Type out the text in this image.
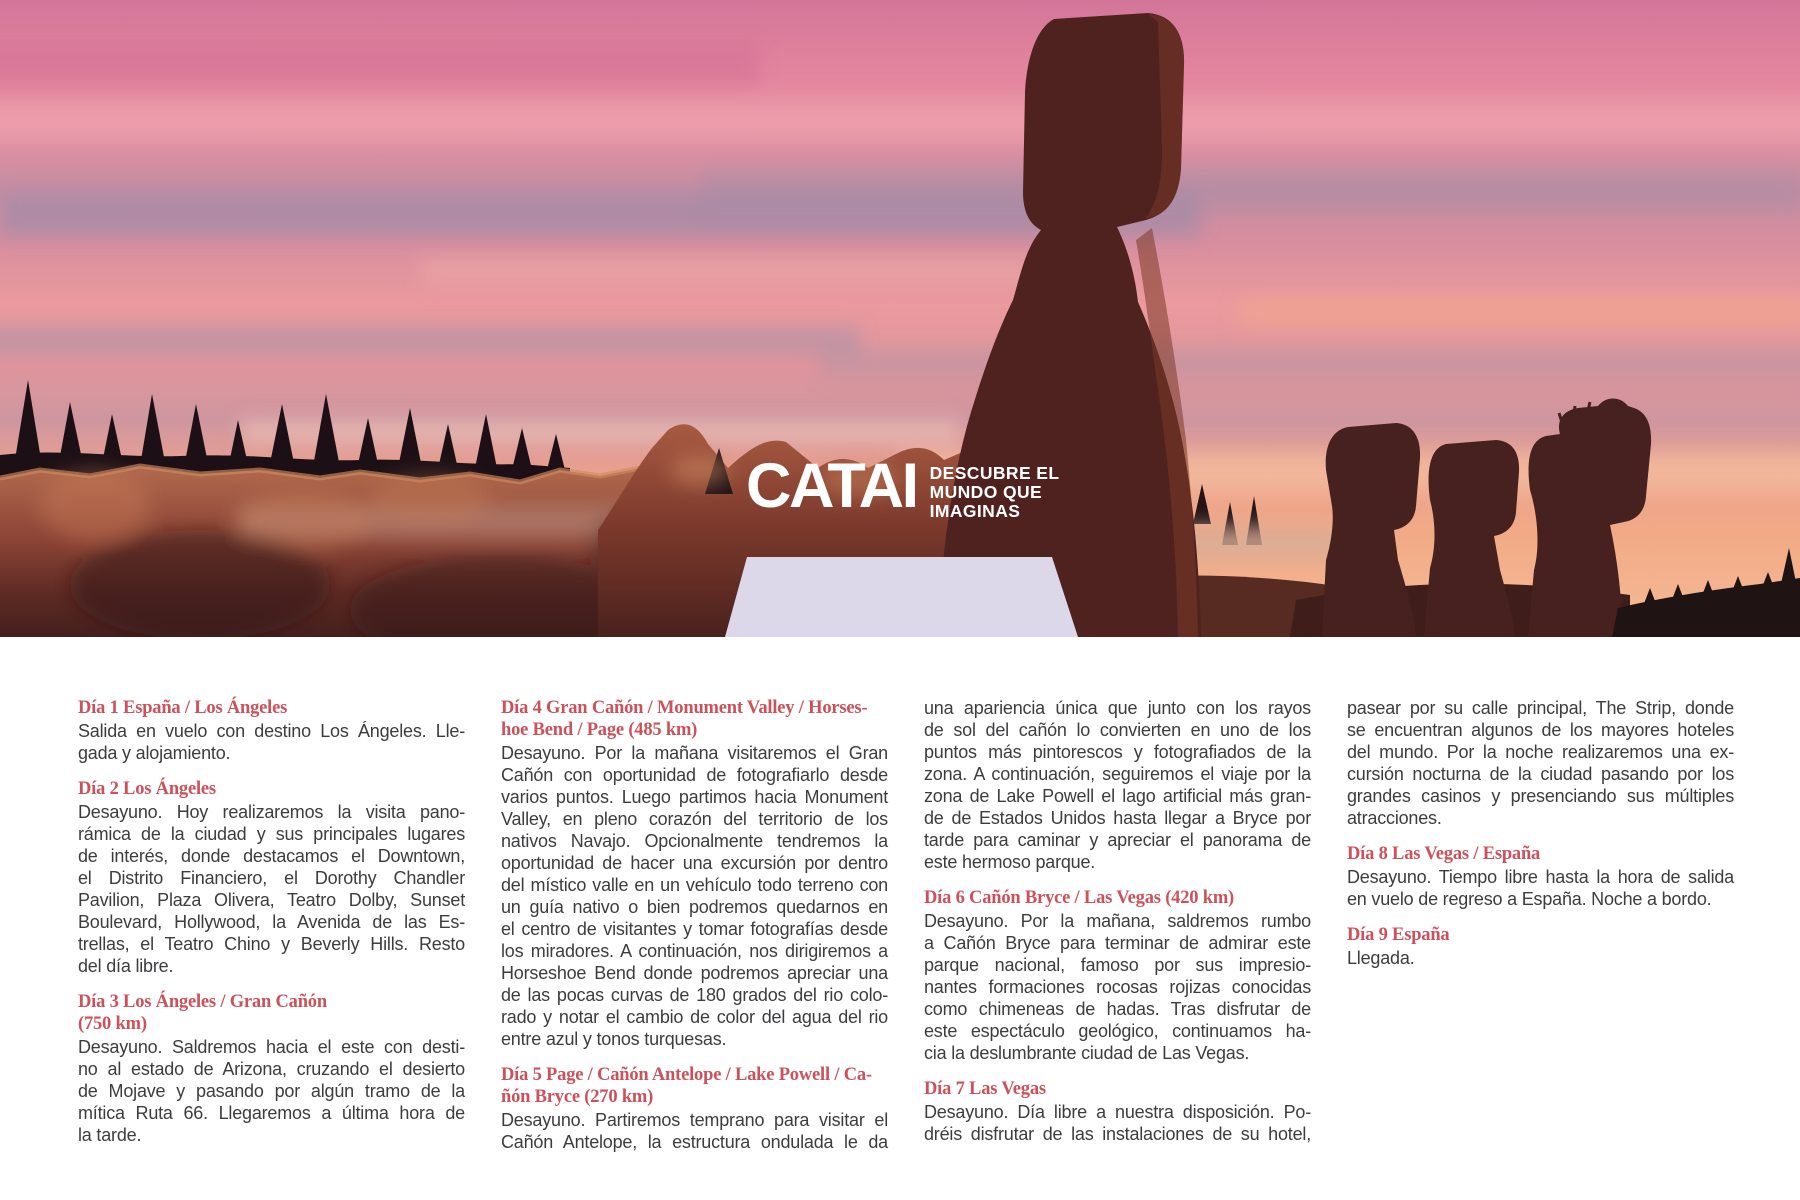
CATAI DESCUBRE EL
MUNDO QUE
IMAGINAS
Día 1 España / Los Ángeles
Salida en vuelo con destino Los Ángeles. Lle-
gada y alojamiento.
Día 2 Los Ángeles
Desayuno. Hoy realizaremos la visita pano-
rámica de la ciudad y sus principales lugares
de interés, donde destacamos el Downtown,
el Distrito Financiero, el Dorothy Chandler
Pavilion, Plaza Olivera, Teatro Dolby, Sunset
Boulevard, Hollywood, la Avenida de las Es-
trellas, el Teatro Chino y Beverly Hills. Resto
del día libre.
Día 3 Los Ángeles / Gran Cañón
(750 km)
Desayuno. Saldremos hacia el este con desti-
no al estado de Arizona, cruzando el desierto
de Mojave y pasando por algún tramo de la
mítica Ruta 66. Llegaremos a última hora de
la tarde.
Día 4 Gran Cañón / Monument Valley / Horses-
hoe Bend / Page (485 km)
Desayuno. Por la mañana visitaremos el Gran
Cañón con oportunidad de fotografiarlo desde
varios puntos. Luego partimos hacia Monument
Valley, en pleno corazón del territorio de los
nativos Navajo. Opcionalmente tendremos la
oportunidad de hacer una excursión por dentro
del místico valle en un vehículo todo terreno con
un guía nativo o bien podremos quedarnos en
el centro de visitantes y tomar fotografías desde
los miradores. A continuación, nos dirigiremos a
Horseshoe Bend donde podremos apreciar una
de las pocas curvas de 180 grados del rio colo-
rado y notar el cambio de color del agua del rio
entre azul y tonos turquesas.
Día 5 Page / Cañón Antelope / Lake Powell / Ca-
ñón Bryce (270 km)
Desayuno. Partiremos temprano para visitar el
Cañón Antelope, la estructura ondulada le da
una apariencia única que junto con los rayos
de sol del cañón lo convierten en uno de los
puntos más pintorescos y fotografiados de la
zona. A continuación, seguiremos el viaje por la
zona de Lake Powell el lago artificial más gran-
de de Estados Unidos hasta llegar a Bryce por
tarde para caminar y apreciar el panorama de
este hermoso parque.
Día 6 Cañón Bryce / Las Vegas (420 km)
Desayuno. Por la mañana, saldremos rumbo
a Cañón Bryce para terminar de admirar este
parque nacional, famoso por sus impresio-
nantes formaciones rocosas rojizas conocidas
como chimeneas de hadas. Tras disfrutar de
este espectáculo geológico, continuamos ha-
cia la deslumbrante ciudad de Las Vegas.
Día 7 Las Vegas
Desayuno. Día libre a nuestra disposición. Po-
dréis disfrutar de las instalaciones de su hotel,
pasear por su calle principal, The Strip, donde
se encuentran algunos de los mayores hoteles
del mundo. Por la noche realizaremos una ex-
cursión nocturna de la ciudad pasando por los
grandes casinos y presenciando sus múltiples
atracciones.
Día 8 Las Vegas / España
Desayuno. Tiempo libre hasta la hora de salida
en vuelo de regreso a España. Noche a bordo.
Día 9 España
Llegada.
